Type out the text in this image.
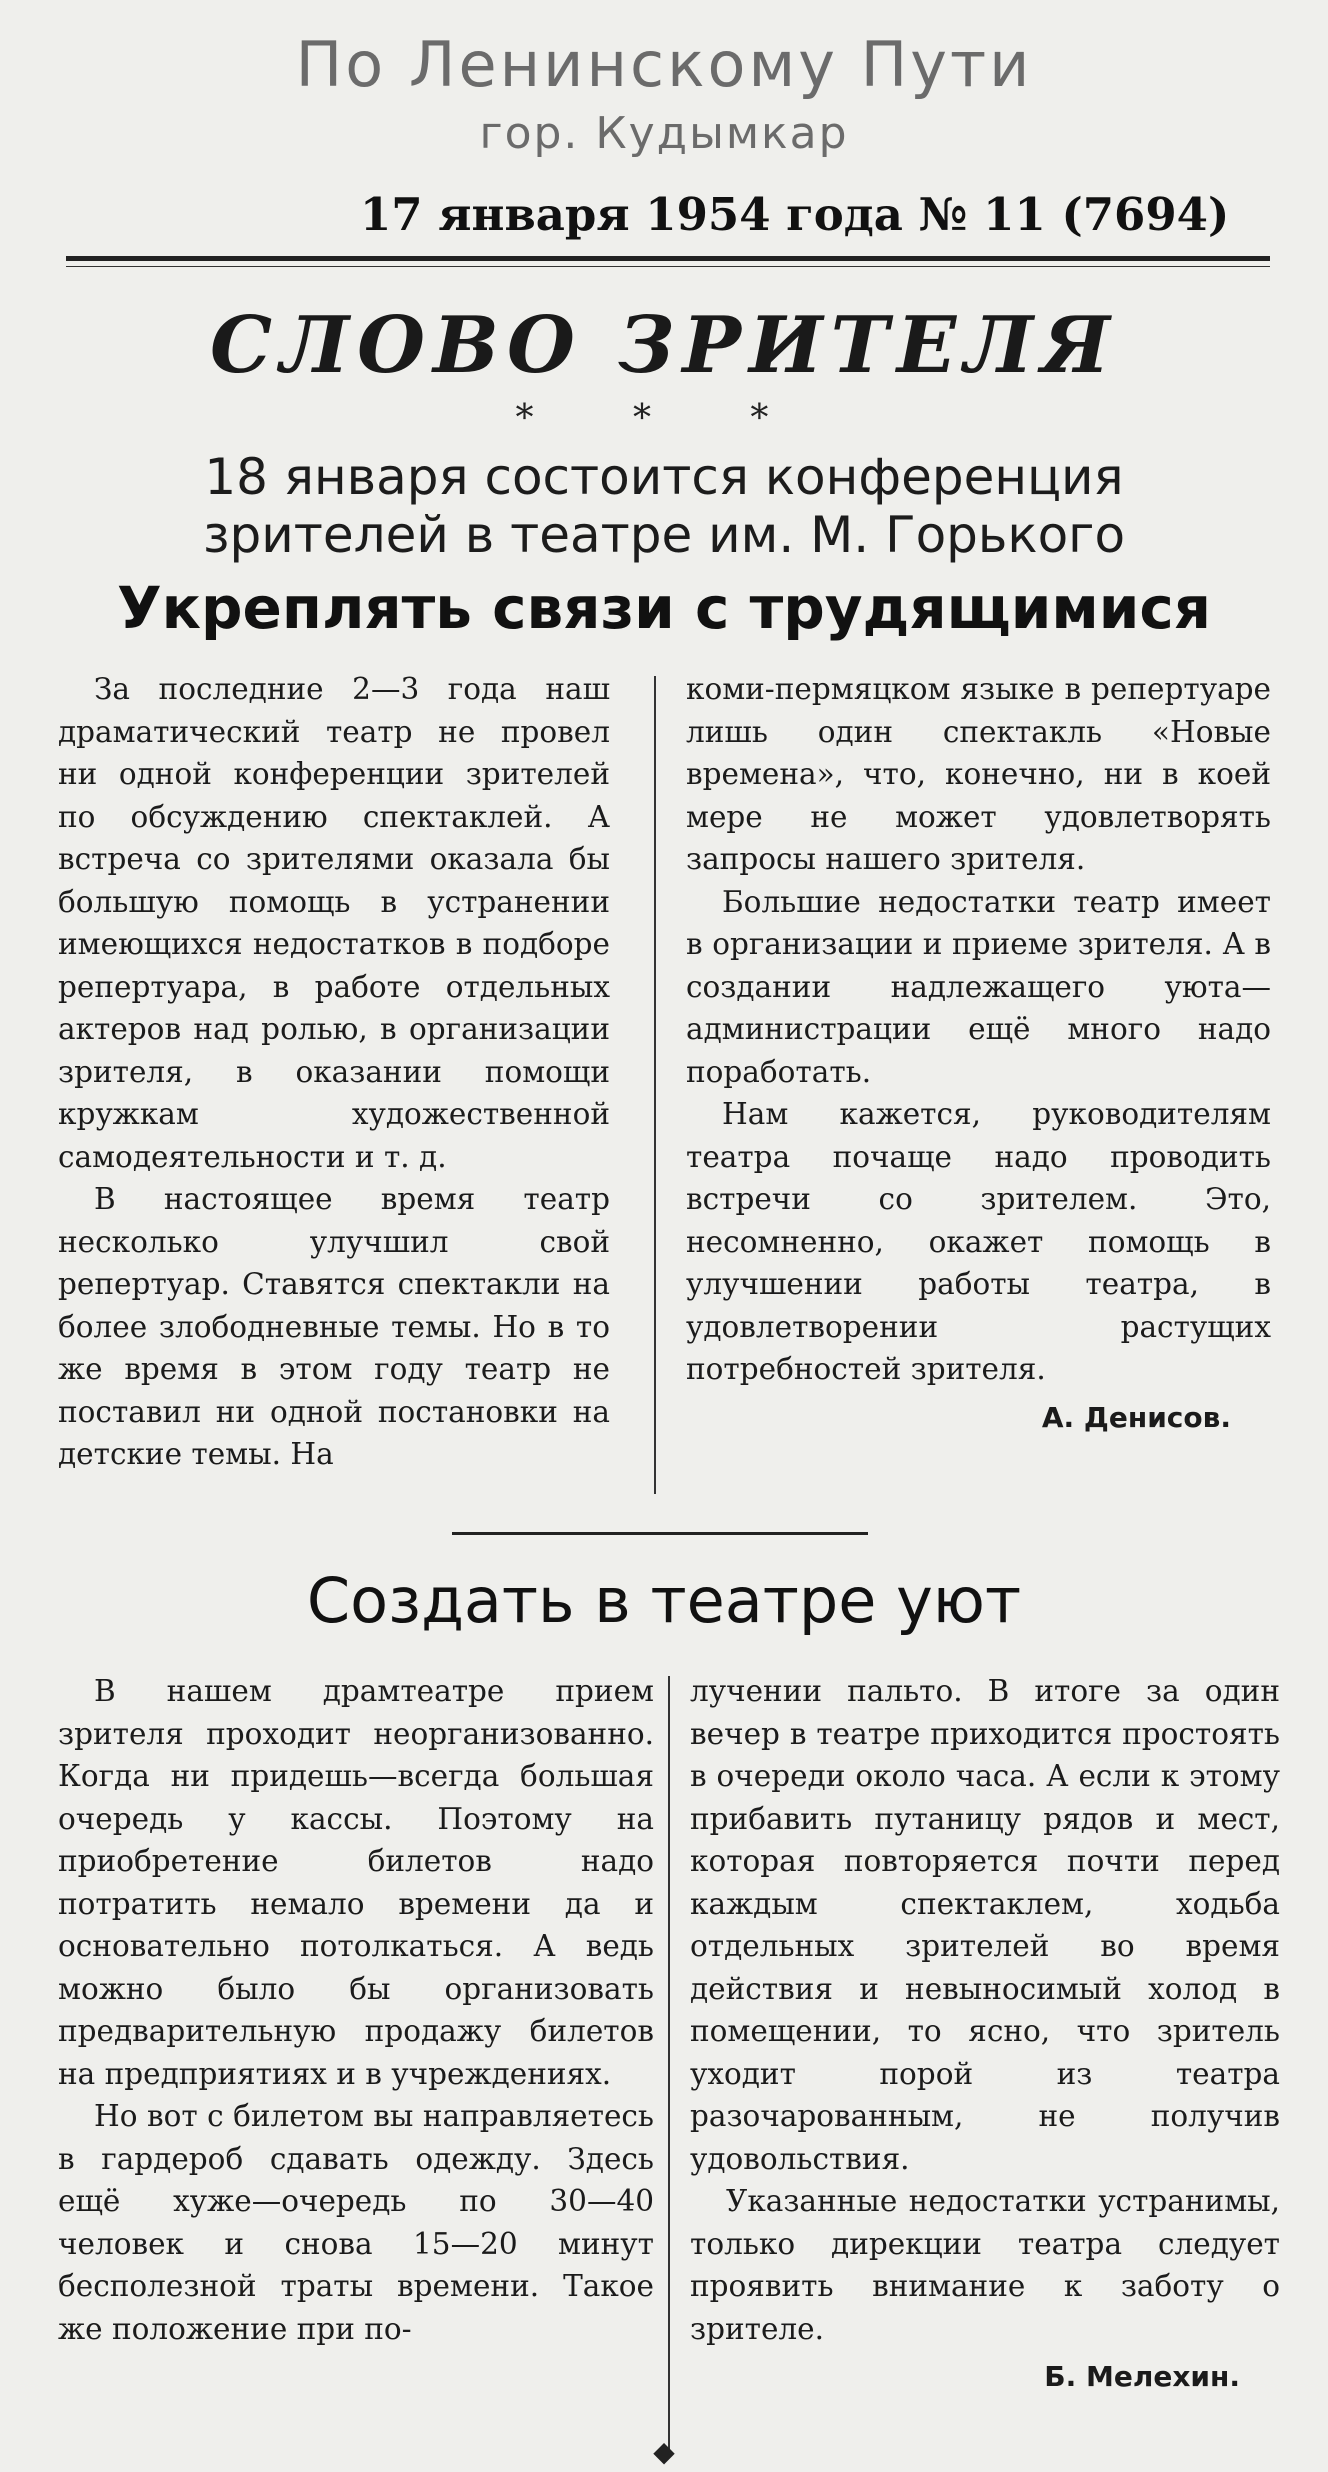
По Ленинскому Пути
гор. Кудымкар
17 января 1954 года № 11 (7694)
СЛОВО ЗРИТЕЛЯ
* * *
18 января состоится конференция
зрителей в театре им. М. Горького
Укреплять связи с трудящимися

За последние 2—3 года наш драматический театр не провел ни одной конференции зрителей по обсуждению спектаклей. А встреча со зрителями оказала бы большую помощь в устранении имеющихся недостатков в подборе репертуара, в работе отдельных актеров над ролью, в организации зрителя, в оказании помощи кружкам художественной самодеятельности и т. д.

В настоящее время театр несколько улучшил свой репертуар. Ставятся спектакли на более злободневные темы. Но в то же время в этом году театр не поставил ни одной постановки на детские темы. На

коми-пермяцком языке в репертуаре лишь один спектакль «Новые времена», что, конечно, ни в коей мере не может удовлетворять запросы нашего зрителя.

Большие недостатки театр имеет в организации и приеме зрителя. А в создании надлежащего уюта—администрации ещё много надо поработать.

Нам кажется, руководителям театра почаще надо проводить встречи со зрителем. Это, несомненно, окажет помощь в улучшении работы театра, в удовлетворении растущих потребностей зрителя.

А. Денисов.
Создать в театре уют

В нашем драмтеатре прием зрителя проходит неорганизованно. Когда ни придешь—всегда большая очередь у кассы. Поэтому на приобретение билетов надо потратить немало времени да и основательно потолкаться. А ведь можно было бы организовать предварительную продажу билетов на предприятиях и в учреждениях.

Но вот с билетом вы направляетесь в гардероб сдавать одежду. Здесь ещё хуже—очередь по 30—40 человек и снова 15—20 минут бесполезной траты времени. Такое же положение при по-

лучении пальто. В итоге за один вечер в театре приходится простоять в очереди около часа. А если к этому прибавить путаницу рядов и мест, которая повторяется почти перед каждым спектаклем, ходьба отдельных зрителей во время действия и невыносимый холод в помещении, то ясно, что зритель уходит порой из театра разочарованным, не получив удовольствия.

Указанные недостатки устранимы, только дирекции театра следует проявить внимание к заботу о зрителе.

Б. Мелехин.
◆
